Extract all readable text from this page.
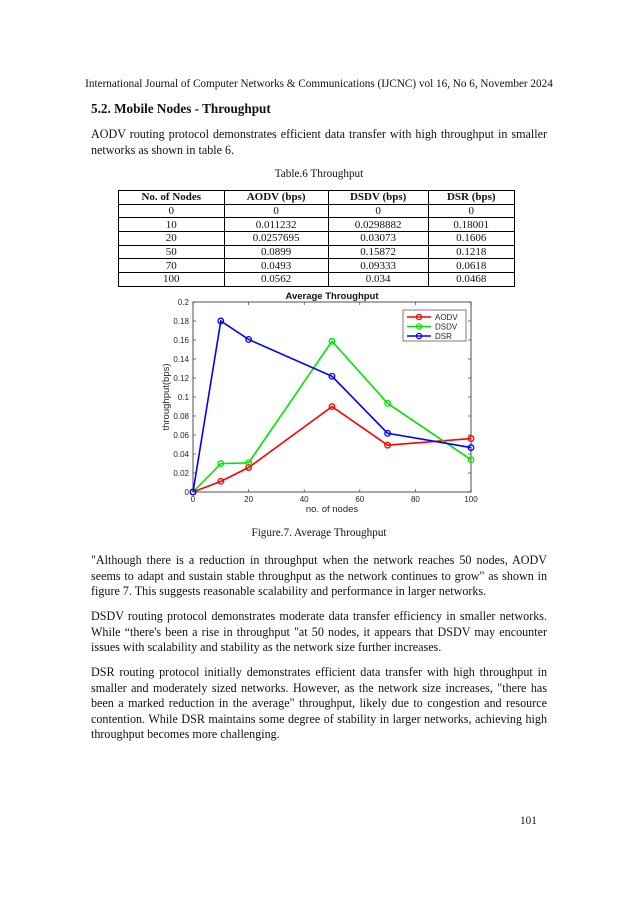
International Journal of Computer Networks & Communications (IJCNC) vol 16, No 6, November 2024
5.2. Mobile Nodes - Throughput
AODV routing protocol demonstrates efficient data transfer with high throughput in smaller networks as shown in table 6.
Table.6 Throughput
No. of Nodes	AODV (bps)	DSDV (bps)	DSR (bps)
0	0	0	0
10	0.011232	0.0298882	0.18001
20	0.0257695	0.03073	0.1606
50	0.0899	0.15872	0.1218
70	0.0493	0.09333	0.0618
100	0.0562	0.034	0.0468
Average Throughput
no. of nodes
throughput(bps)
0	20	40	60	80	100
0
0.02
0.04
0.06
0.08
0.1
0.12
0.14
0.16
0.18
0.2
AODV
DSDV
DSR
Figure.7. Average Throughput
"Although there is a reduction in throughput when the network reaches 50 nodes, AODV seems to adapt and sustain stable throughput as the network continues to grow" as shown in figure 7. This suggests reasonable scalability and performance in larger networks.
DSDV routing protocol demonstrates moderate data transfer efficiency in smaller networks. While “there's been a rise in throughput "at 50 nodes, it appears that DSDV may encounter issues with scalability and stability as the network size further increases.
DSR routing protocol initially demonstrates efficient data transfer with high throughput in smaller and moderately sized networks. However, as the network size increases, "there has been a marked reduction in the average" throughput, likely due to congestion and resource contention. While DSR maintains some degree of stability in larger networks, achieving high throughput becomes more challenging.
101
